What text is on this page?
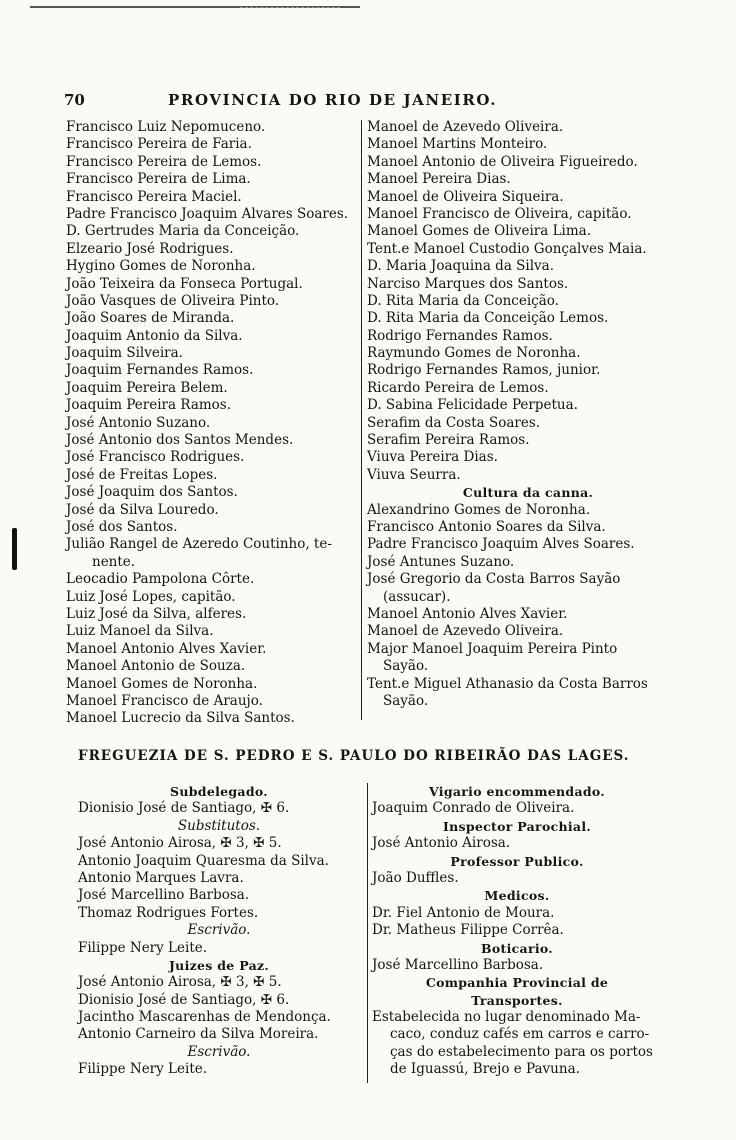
70	PROVINCIA DO RIO DE JANEIRO.
Francisco Luiz Nepomuceno.
Francisco Pereira de Faria.
Francisco Pereira de Lemos.
Francisco Pereira de Lima.
Francisco Pereira Maciel.
Padre Francisco Joaquim Alvares Soares.
D. Gertrudes Maria da Conceição.
Elzeario José Rodrigues.
Hygino Gomes de Noronha.
João Teixeira da Fonseca Portugal.
João Vasques de Oliveira Pinto.
João Soares de Miranda.
Joaquim Antonio da Silva.
Joaquim Silveira.
Joaquim Fernandes Ramos.
Joaquim Pereira Belem.
Joaquim Pereira Ramos.
José Antonio Suzano.
José Antonio dos Santos Mendes.
José Francisco Rodrigues.
José de Freitas Lopes.
José Joaquim dos Santos.
José da Silva Louredo.
José dos Santos.
Julião Rangel de Azeredo Coutinho, te-
nente.
Leocadio Pampolona Côrte.
Luiz José Lopes, capitão.
Luiz José da Silva, alferes.
Luiz Manoel da Silva.
Manoel Antonio Alves Xavier.
Manoel Antonio de Souza.
Manoel Gomes de Noronha.
Manoel Francisco de Araujo.
Manoel Lucrecio da Silva Santos.
Manoel de Azevedo Oliveira.
Manoel Martins Monteiro.
Manoel Antonio de Oliveira Figueiredo.
Manoel Pereira Dias.
Manoel de Oliveira Siqueira.
Manoel Francisco de Oliveira, capitão.
Manoel Gomes de Oliveira Lima.
Tent.e Manoel Custodio Gonçalves Maia.
D. Maria Joaquina da Silva.
Narciso Marques dos Santos.
D. Rita Maria da Conceição.
D. Rita Maria da Conceição Lemos.
Rodrigo Fernandes Ramos.
Raymundo Gomes de Noronha.
Rodrigo Fernandes Ramos, junior.
Ricardo Pereira de Lemos.
D. Sabina Felicidade Perpetua.
Serafim da Costa Soares.
Serafim Pereira Ramos.
Viuva Pereira Dias.
Viuva Seurra.
Cultura da canna.
Alexandrino Gomes de Noronha.
Francisco Antonio Soares da Silva.
Padre Francisco Joaquim Alves Soares.
José Antunes Suzano.
José Gregorio da Costa Barros Sayão
(assucar).
Manoel Antonio Alves Xavier.
Manoel de Azevedo Oliveira.
Major Manoel Joaquim Pereira Pinto
Sayão.
Tent.e Miguel Athanasio da Costa Barros
Sayão.
FREGUEZIA DE S. PEDRO E S. PAULO DO RIBEIRÃO DAS LAGES.
Subdelegado.
Dionisio José de Santiago, ✠ 6.
Substitutos.
José Antonio Airosa, ✠ 3, ✠ 5.
Antonio Joaquim Quaresma da Silva.
Antonio Marques Lavra.
José Marcellino Barbosa.
Thomaz Rodrigues Fortes.
Escrivão.
Filippe Nery Leite.
Juizes de Paz.
José Antonio Airosa, ✠ 3, ✠ 5.
Dionisio José de Santiago, ✠ 6.
Jacintho Mascarenhas de Mendonça.
Antonio Carneiro da Silva Moreira.
Escrivão.
Filippe Nery Leite.
Vigario encommendado.
Joaquim Conrado de Oliveira.
Inspector Parochial.
José Antonio Airosa.
Professor Publico.
João Duffles.
Medicos.
Dr. Fiel Antonio de Moura.
Dr. Matheus Filippe Corrêa.
Boticario.
José Marcellino Barbosa.
Companhia Provincial de
Transportes.
Estabelecida no lugar denominado Ma-
caco, conduz cafés em carros e carro-
ças do estabelecimento para os portos
de Iguassú, Brejo e Pavuna.
